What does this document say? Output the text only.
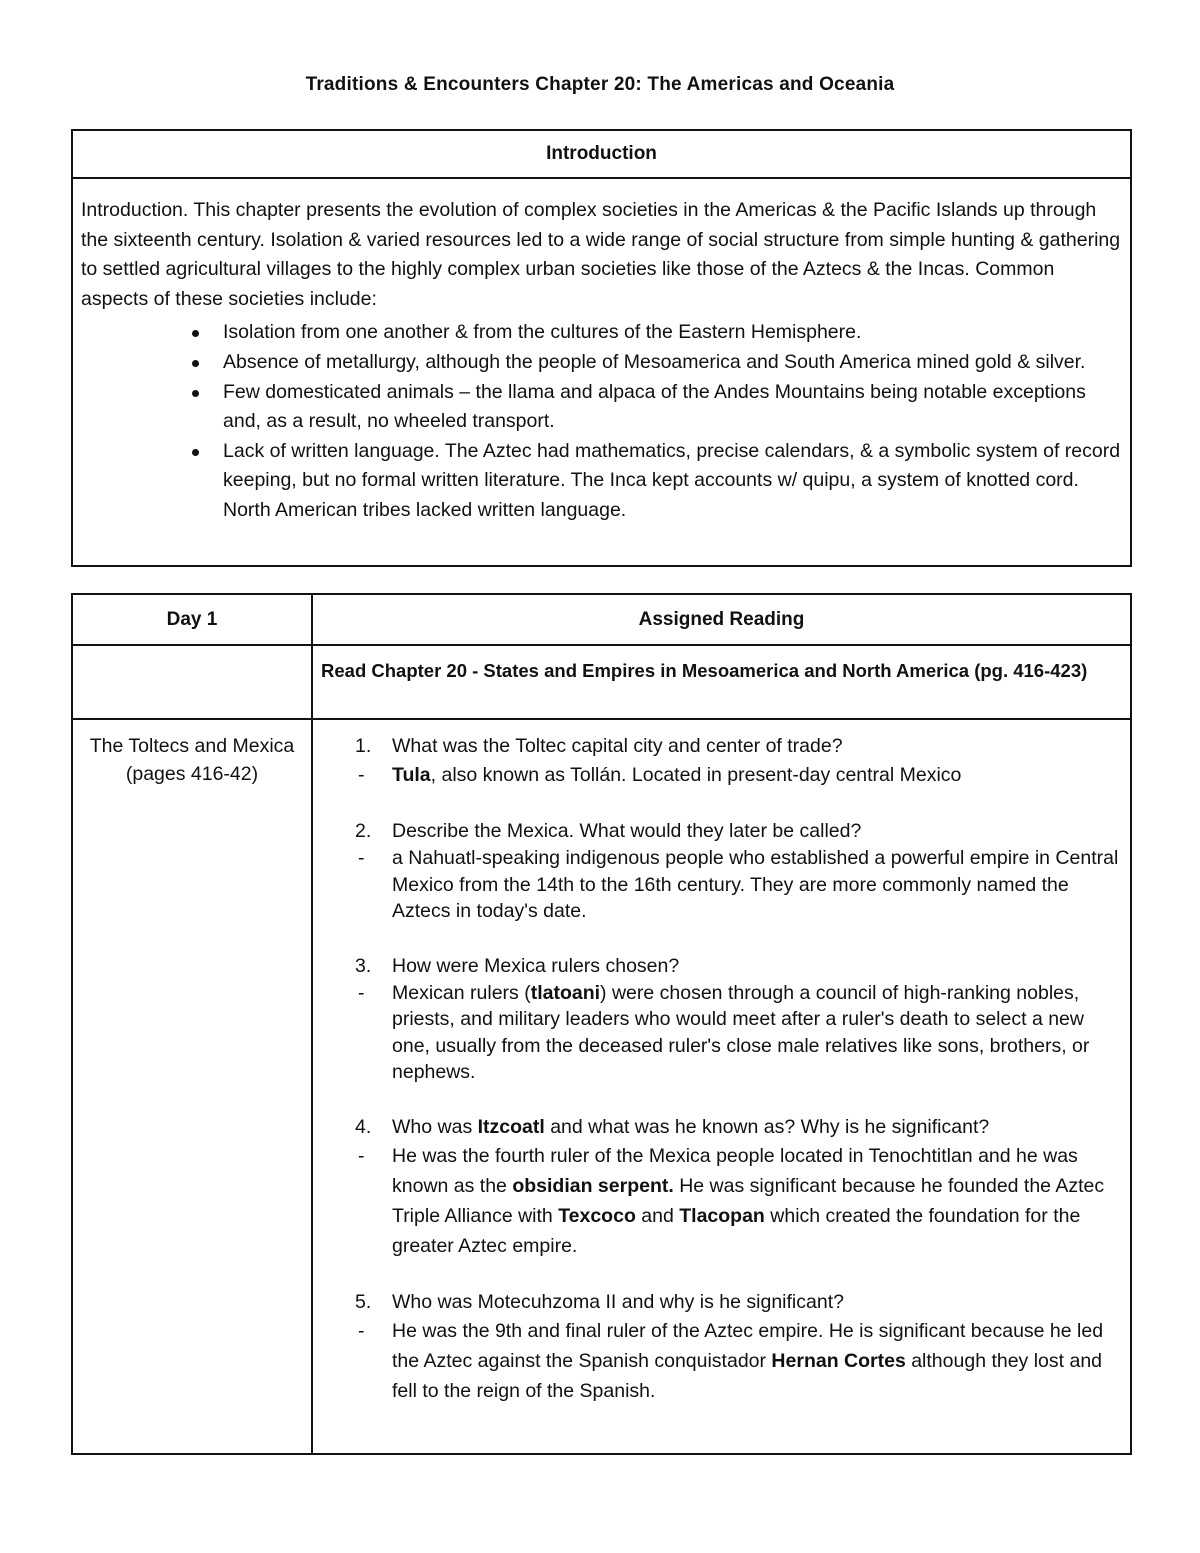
Traditions & Encounters Chapter 20: The Americas and Oceania
Introduction

Introduction. This chapter presents the evolution of complex societies in the Americas & the Pacific Islands up through the sixteenth century. Isolation & varied resources led to a wide range of social structure from simple hunting & gathering to settled agricultural villages to the highly complex urban societies like those of the Aztecs & the Incas. Common aspects of these societies include:

Isolation from one another & from the cultures of the Eastern Hemisphere.
Absence of metallurgy, although the people of Mesoamerica and South America mined gold & silver.
Few domesticated animals – the llama and alpaca of the Andes Mountains being notable exceptions and, as a result, no wheeled transport.
Lack of written language. The Aztec had mathematics, precise calendars, & a symbolic system of record keeping, but no formal written literature. The Inca kept accounts w/ quipu, a system of knotted cord. North American tribes lacked written language.
Day 1	Assigned Reading
Read Chapter 20 - States and Empires in Mesoamerica and North America (pg. 416-423)
The Toltecs and Mexica (pages 416-42)
1. What was the Toltec capital city and center of trade?
- Tula, also known as Tollán. Located in present-day central Mexico
2. Describe the Mexica. What would they later be called?
- a Nahuatl-speaking indigenous people who established a powerful empire in Central Mexico from the 14th to the 16th century. They are more commonly named the Aztecs in today's date.
3. How were Mexica rulers chosen?
- Mexican rulers (tlatoani) were chosen through a council of high-ranking nobles, priests, and military leaders who would meet after a ruler's death to select a new one, usually from the deceased ruler's close male relatives like sons, brothers, or nephews.
4. Who was Itzcoatl and what was he known as? Why is he significant?
- He was the fourth ruler of the Mexica people located in Tenochtitlan and he was known as the obsidian serpent. He was significant because he founded the Aztec Triple Alliance with Texcoco and Tlacopan which created the foundation for the greater Aztec empire.
5. Who was Motecuhzoma II and why is he significant?
- He was the 9th and final ruler of the Aztec empire. He is significant because he led the Aztec against the Spanish conquistador Hernan Cortes although they lost and fell to the reign of the Spanish.
